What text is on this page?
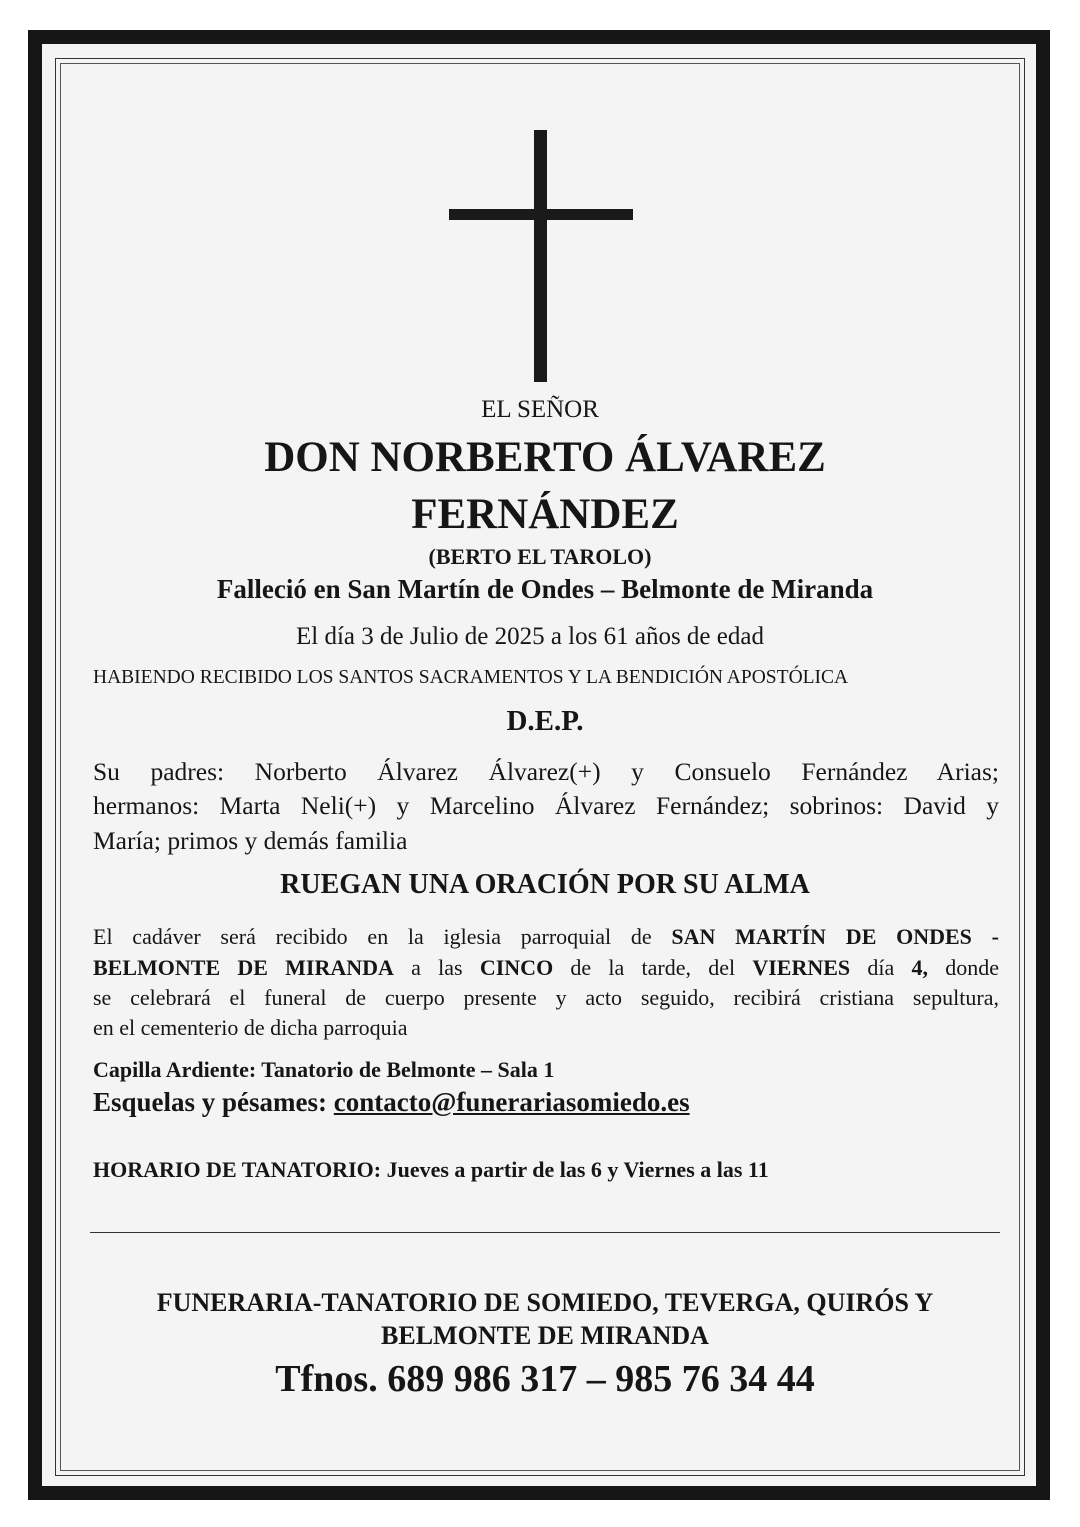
EL SEÑOR
DON NORBERTO ÁLVAREZ
FERNÁNDEZ
(BERTO EL TAROLO)
Falleció en San Martín de Ondes – Belmonte de Miranda
El día 3 de Julio de 2025 a los 61 años de edad
HABIENDO RECIBIDO LOS SANTOS SACRAMENTOS Y LA BENDICIÓN APOSTÓLICA
D.E.P.
Su padres: Norberto Álvarez Álvarez(+) y Consuelo Fernández Arias;
hermanos: Marta Neli(+) y Marcelino Álvarez Fernández; sobrinos: David y
María; primos y demás familia
RUEGAN UNA ORACIÓN POR SU ALMA
El cadáver será recibido en la iglesia parroquial de SAN MARTÍN DE ONDES -
BELMONTE DE MIRANDA a las CINCO de la tarde, del VIERNES día 4, donde
se celebrará el funeral de cuerpo presente y acto seguido, recibirá cristiana sepultura,
en el cementerio de dicha parroquia
Capilla Ardiente: Tanatorio de Belmonte – Sala 1
Esquelas y pésames: contacto@funerariasomiedo.es
HORARIO DE TANATORIO: Jueves a partir de las 6 y Viernes a las 11
FUNERARIA-TANATORIO DE SOMIEDO, TEVERGA, QUIRÓS Y
BELMONTE DE MIRANDA
Tfnos. 689 986 317 – 985 76 34 44
